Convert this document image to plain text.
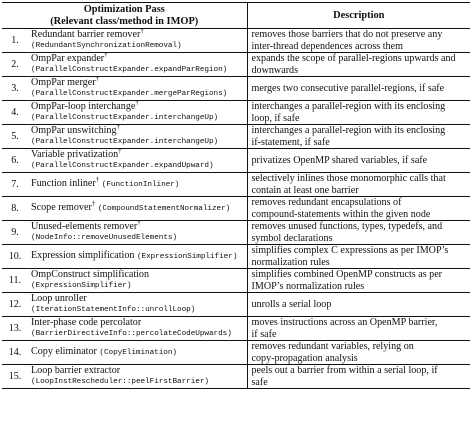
Optimization Pass
(Relevant class/method in IMOP)		Description
1.	Redundant barrier remover†
(RedundantSynchronizationRemoval)	removes those barriers that do not preserve any
inter-thread dependences across them

2.	OmpPar expander†
(ParallelConstructExpander.expandParRegion)	expands the scope of parallel-regions upwards and
downwards

3.	OmpPar merger†
(ParallelConstructExpander.mergeParRegions)	merges two consecutive parallel-regions, if safe

4.	OmpPar-loop interchange†
(ParallelConstructExpander.interchangeUp)	interchanges a parallel-region with its enclosing
loop, if safe

5.	OmpPar unswitching†
(ParallelConstructExpander.interchangeUp)	interchanges a parallel-region with its enclosing
if-statement, if safe

6.	Variable privatization†
(ParallelConstructExpander.expandUpward)	privatizes OpenMP shared variables, if safe

7.	Function inliner† (FunctionInliner)	selectively inlines those monomorphic calls that
contain at least one barrier

8.	Scope remover† (CompoundStatementNormalizer)	removes redundant encapsulations of
compound-statements within the given node

9.	Unused-elements remover†
(NodeInfo::removeUnusedElements)	removes unused functions, types, typedefs, and
symbol declarations

10.	Expression simplification (ExpressionSimplifier)	simplifies complex C expressions as per IMOP’s
normalization rules

11.	OmpConstruct simplification
(ExpressionSimplifier)	simplifies combined OpenMP constructs as per
IMOP’s normalization rules

12.	Loop unroller
(IterationStatementInfo::unrollLoop)	unrolls a serial loop

13.	Inter-phase code percolator
(BarrierDirectiveInfo::percolateCodeUpwards)	moves instructions across an OpenMP barrier,
if safe

14.	Copy eliminator (CopyElimination)	removes redundant variables, relying on
copy-propagation analysis

15.	Loop barrier extractor
(LoopInstRescheduler::peelFirstBarrier)	peels out a barrier from within a serial loop, if
safe
